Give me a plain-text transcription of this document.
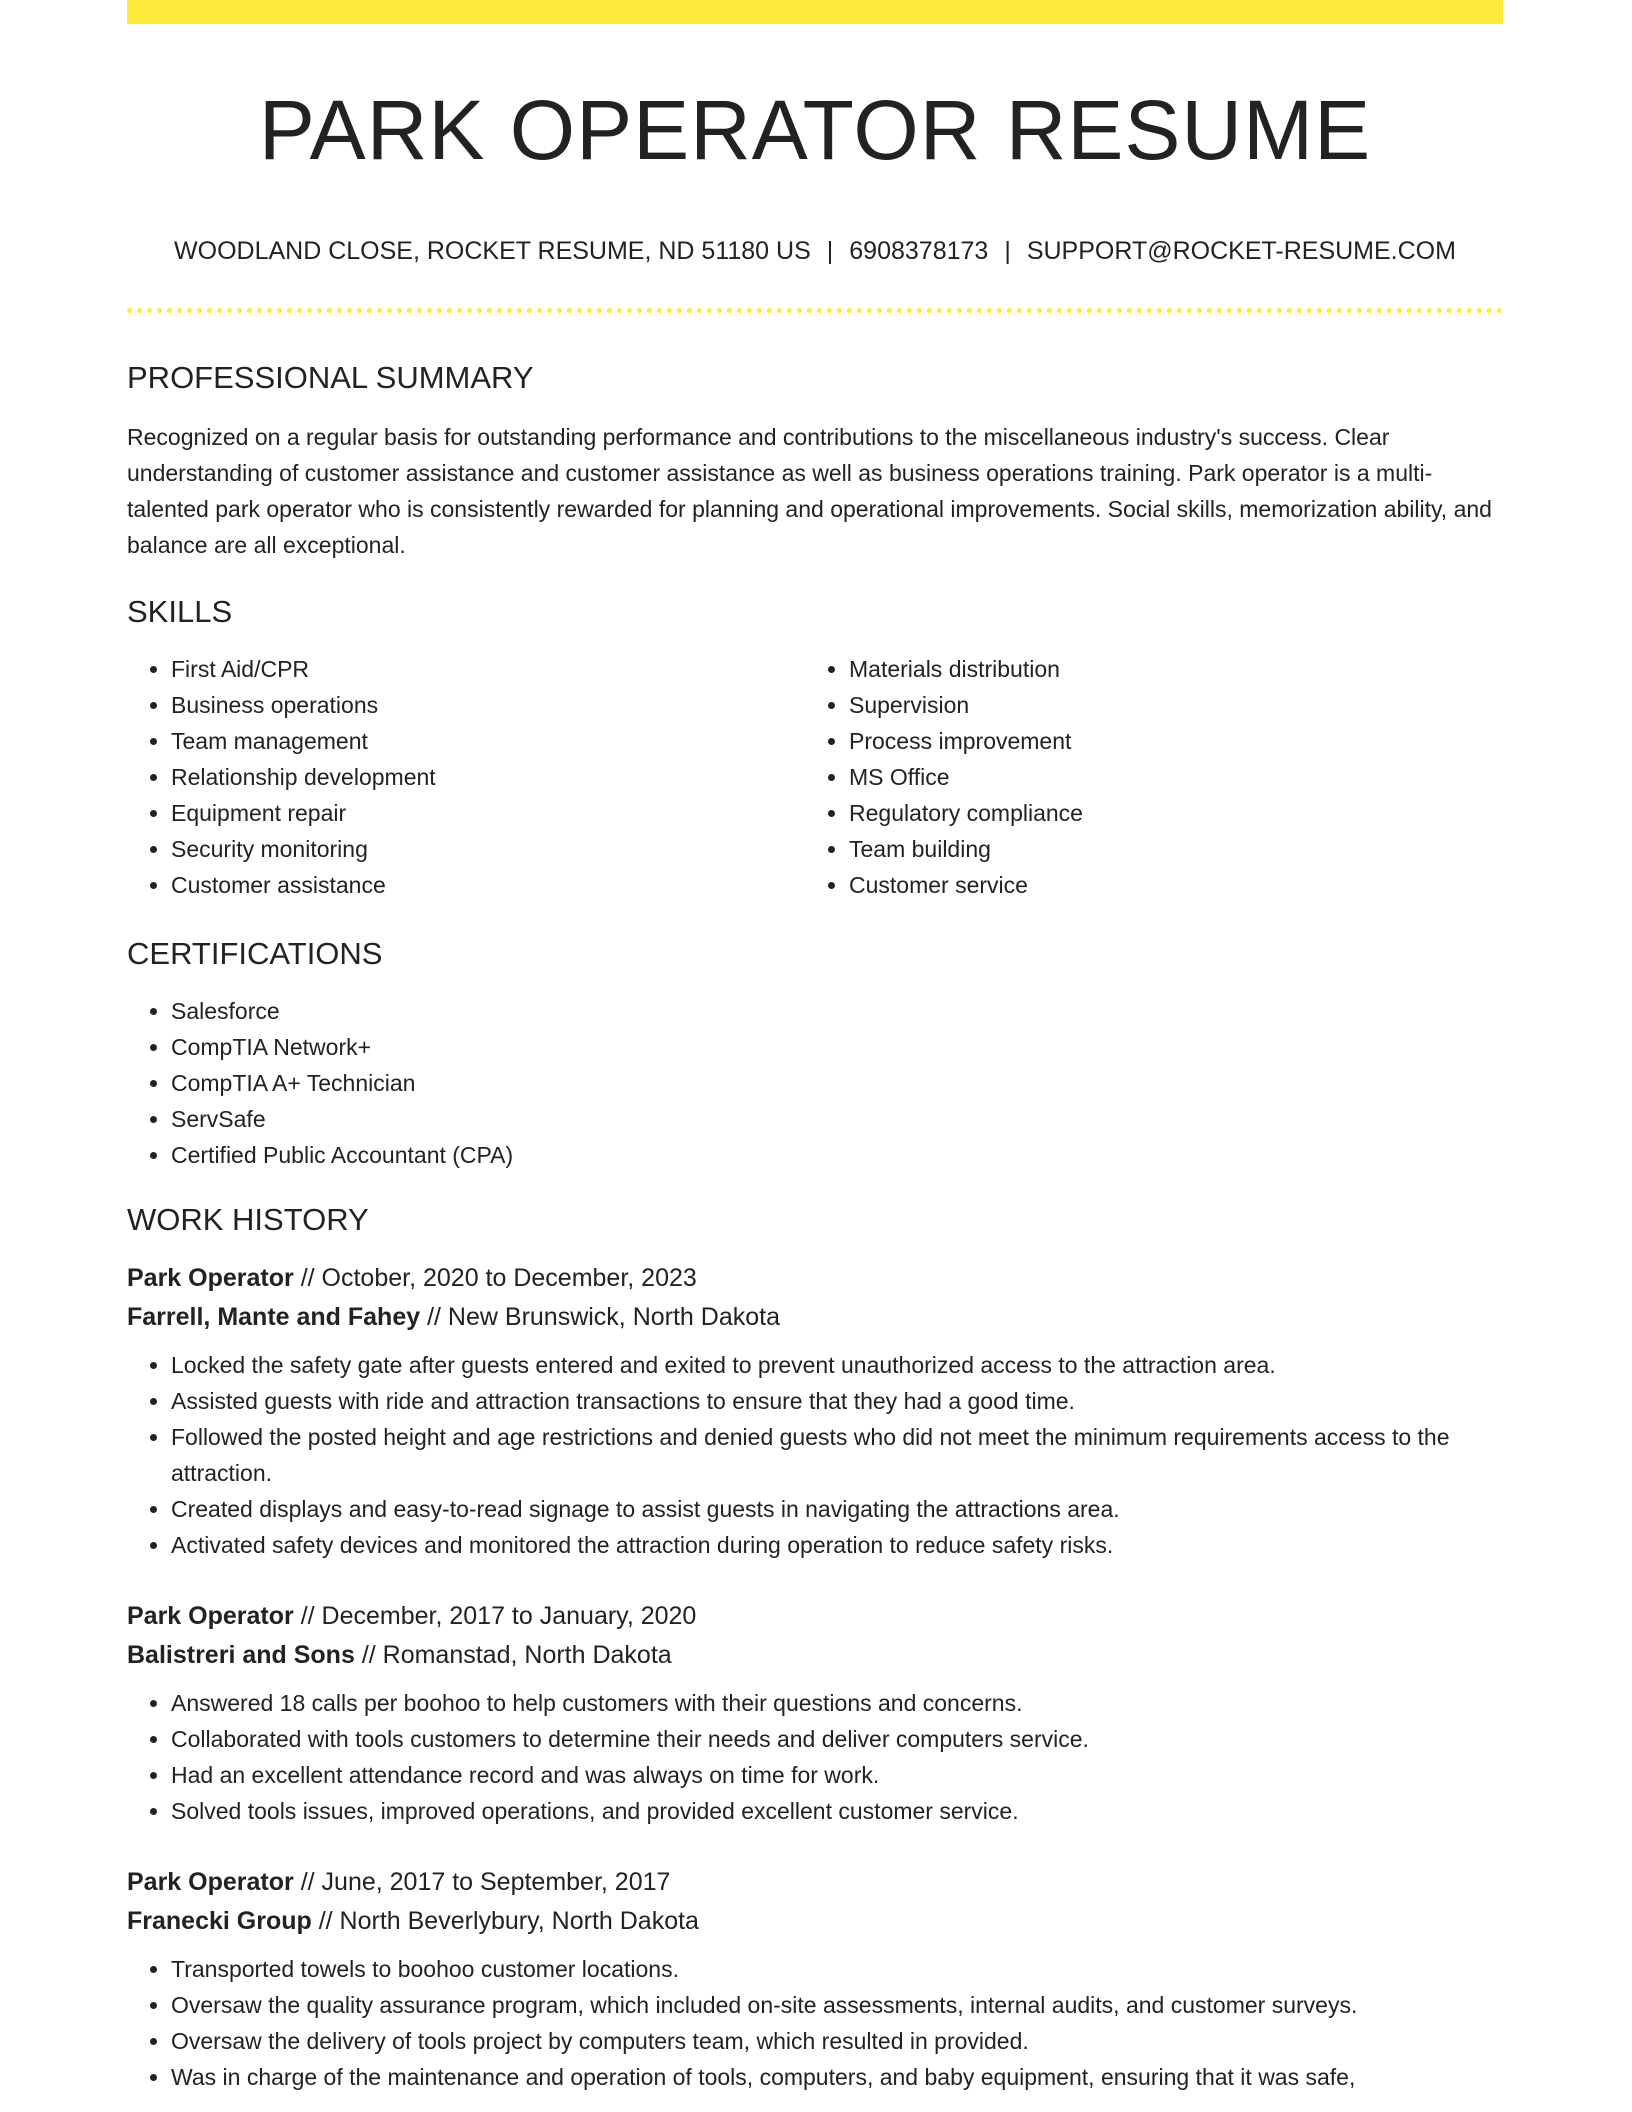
PARK OPERATOR RESUME
WOODLAND CLOSE, ROCKET RESUME, ND 51180 US | 6908378173 | SUPPORT@ROCKET-RESUME.COM
PROFESSIONAL SUMMARY

Recognized on a regular basis for outstanding performance and contributions to the miscellaneous industry's success. Clear understanding of customer assistance and customer assistance as well as business operations training. Park operator is a multi-talented park operator who is consistently rewarded for planning and operational improvements. Social skills, memorization ability, and balance are all exceptional.

SKILLS
• First Aid/CPR
• Business operations
• Team management
• Relationship development
• Equipment repair
• Security monitoring
• Customer assistance
• Materials distribution
• Supervision
• Process improvement
• MS Office
• Regulatory compliance
• Team building
• Customer service
CERTIFICATIONS
• Salesforce
• CompTIA Network+
• CompTIA A+ Technician
• ServSafe
• Certified Public Accountant (CPA)
WORK HISTORY
Park Operator // October, 2020 to December, 2023
Farrell, Mante and Fahey // New Brunswick, North Dakota
• Locked the safety gate after guests entered and exited to prevent unauthorized access to the attraction area.
• Assisted guests with ride and attraction transactions to ensure that they had a good time.
• Followed the posted height and age restrictions and denied guests who did not meet the minimum requirements access to the attraction.
• Created displays and easy-to-read signage to assist guests in navigating the attractions area.
• Activated safety devices and monitored the attraction during operation to reduce safety risks.
Park Operator // December, 2017 to January, 2020
Balistreri and Sons // Romanstad, North Dakota
• Answered 18 calls per boohoo to help customers with their questions and concerns.
• Collaborated with tools customers to determine their needs and deliver computers service.
• Had an excellent attendance record and was always on time for work.
• Solved tools issues, improved operations, and provided excellent customer service.
Park Operator // June, 2017 to September, 2017
Franecki Group // North Beverlybury, North Dakota
• Transported towels to boohoo customer locations.
• Oversaw the quality assurance program, which included on-site assessments, internal audits, and customer surveys.
• Oversaw the delivery of tools project by computers team, which resulted in provided.
• Was in charge of the maintenance and operation of tools, computers, and baby equipment, ensuring that it was safe,
